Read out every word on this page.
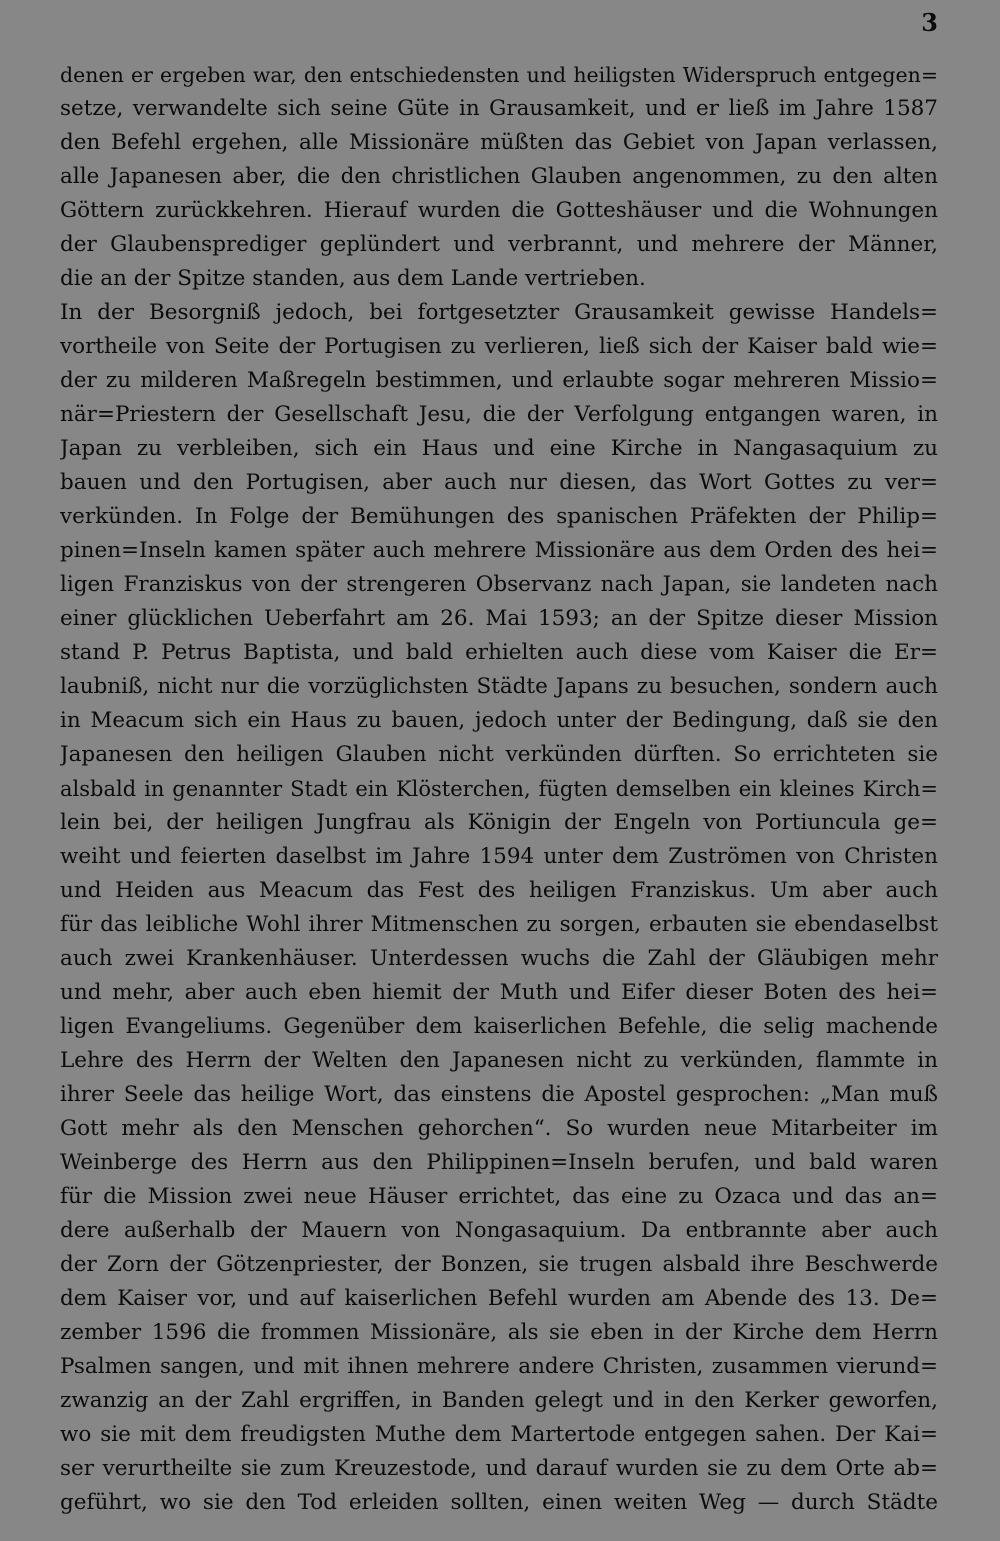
3
denen er ergeben war, den entschiedensten und heiligsten Widerspruch entgegen=
setze, verwandelte sich seine Güte in Grausamkeit, und er ließ im Jahre 1587
den Befehl ergehen, alle Missionäre müßten das Gebiet von Japan verlassen,
alle Japanesen aber, die den christlichen Glauben angenommen, zu den alten
Göttern zurückkehren. Hierauf wurden die Gotteshäuser und die Wohnungen
der Glaubensprediger geplündert und verbrannt, und mehrere der Männer,
die an der Spitze standen, aus dem Lande vertrieben.
In der Besorgniß jedoch, bei fortgesetzter Grausamkeit gewisse Handels=
vortheile von Seite der Portugisen zu verlieren, ließ sich der Kaiser bald wie=
der zu milderen Maßregeln bestimmen, und erlaubte sogar mehreren Missio=
när=Priestern der Gesellschaft Jesu, die der Verfolgung entgangen waren, in
Japan zu verbleiben, sich ein Haus und eine Kirche in Nangasaquium zu
bauen und den Portugisen, aber auch nur diesen, das Wort Gottes zu ver=
verkünden. In Folge der Bemühungen des spanischen Präfekten der Philip=
pinen=Inseln kamen später auch mehrere Missionäre aus dem Orden des hei=
ligen Franziskus von der strengeren Observanz nach Japan, sie landeten nach
einer glücklichen Ueberfahrt am 26. Mai 1593; an der Spitze dieser Mission
stand P. Petrus Baptista, und bald erhielten auch diese vom Kaiser die Er=
laubniß, nicht nur die vorzüglichsten Städte Japans zu besuchen, sondern auch
in Meacum sich ein Haus zu bauen, jedoch unter der Bedingung, daß sie den
Japanesen den heiligen Glauben nicht verkünden dürften. So errichteten sie
alsbald in genannter Stadt ein Klösterchen, fügten demselben ein kleines Kirch=
lein bei, der heiligen Jungfrau als Königin der Engeln von Portiuncula ge=
weiht und feierten daselbst im Jahre 1594 unter dem Zuströmen von Christen
und Heiden aus Meacum das Fest des heiligen Franziskus. Um aber auch
für das leibliche Wohl ihrer Mitmenschen zu sorgen, erbauten sie ebendaselbst
auch zwei Krankenhäuser. Unterdessen wuchs die Zahl der Gläubigen mehr
und mehr, aber auch eben hiemit der Muth und Eifer dieser Boten des hei=
ligen Evangeliums. Gegenüber dem kaiserlichen Befehle, die selig machende
Lehre des Herrn der Welten den Japanesen nicht zu verkünden, flammte in
ihrer Seele das heilige Wort, das einstens die Apostel gesprochen: „Man muß
Gott mehr als den Menschen gehorchen“. So wurden neue Mitarbeiter im
Weinberge des Herrn aus den Philippinen=Inseln berufen, und bald waren
für die Mission zwei neue Häuser errichtet, das eine zu Ozaca und das an=
dere außerhalb der Mauern von Nongasaquium. Da entbrannte aber auch
der Zorn der Götzenpriester, der Bonzen, sie trugen alsbald ihre Beschwerde
dem Kaiser vor, und auf kaiserlichen Befehl wurden am Abende des 13. De=
zember 1596 die frommen Missionäre, als sie eben in der Kirche dem Herrn
Psalmen sangen, und mit ihnen mehrere andere Christen, zusammen vierund=
zwanzig an der Zahl ergriffen, in Banden gelegt und in den Kerker geworfen,
wo sie mit dem freudigsten Muthe dem Martertode entgegen sahen. Der Kai=
ser verurtheilte sie zum Kreuzestode, und darauf wurden sie zu dem Orte ab=
geführt, wo sie den Tod erleiden sollten, einen weiten Weg — durch Städte
